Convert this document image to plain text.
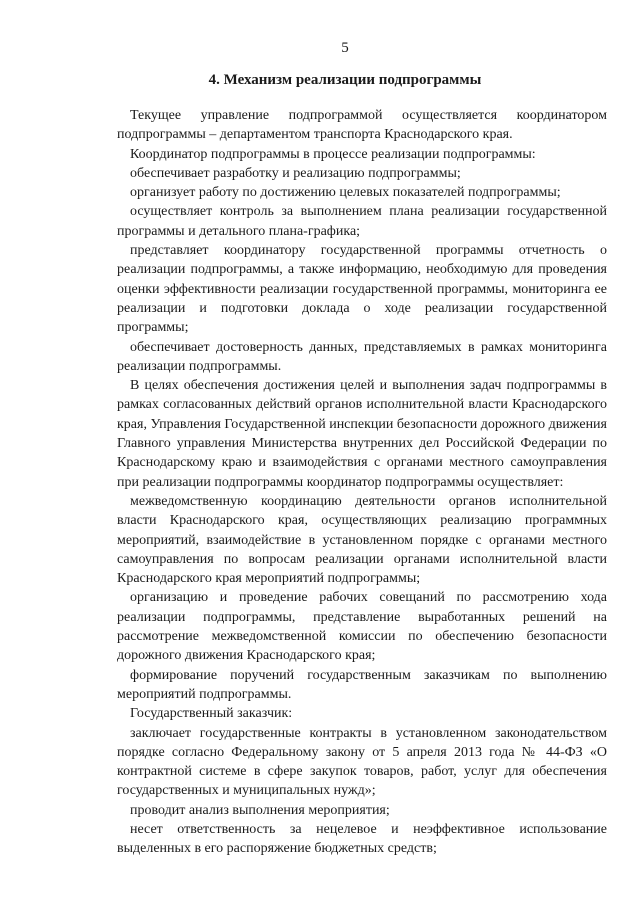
5
4. Механизм реализации подпрограммы

Текущее управление подпрограммой осуществляется координатором подпрограммы – департаментом транспорта Краснодарского края.

Координатор подпрограммы в процессе реализации подпрограммы:

обеспечивает разработку и реализацию подпрограммы;

организует работу по достижению целевых показателей подпрограммы;

осуществляет контроль за выполнением плана реализации государственной программы и детального плана-графика;

представляет координатору государственной программы отчетность о реализации подпрограммы, а также информацию, необходимую для проведения оценки эффективности реализации государственной программы, мониторинга ее реализации и подготовки доклада о ходе реализации государственной программы;

обеспечивает достоверность данных, представляемых в рамках мониторинга реализации подпрограммы.

В целях обеспечения достижения целей и выполнения задач подпрограммы в рамках согласованных действий органов исполнительной власти Краснодарского края, Управления Государственной инспекции безопасности дорожного движения Главного управления Министерства внутренних дел Российской Федерации по Краснодарскому краю и взаимодействия с органами местного самоуправления при реализации подпрограммы координатор подпрограммы осуществляет:

межведомственную координацию деятельности органов исполнительной власти Краснодарского края, осуществляющих реализацию программных мероприятий, взаимодействие в установленном порядке с органами местного самоуправления по вопросам реализации органами исполнительной власти Краснодарского края мероприятий подпрограммы;

организацию и проведение рабочих совещаний по рассмотрению хода реализации подпрограммы, представление выработанных решений на рассмотрение межведомственной комиссии по обеспечению безопасности дорожного движения Краснодарского края;

формирование поручений государственным заказчикам по выполнению мероприятий подпрограммы.

Государственный заказчик:

заключает государственные контракты в установленном законодательством порядке согласно Федеральному закону от 5 апреля 2013 года № 44-ФЗ «О контрактной системе в сфере закупок товаров, работ, услуг для обеспечения государственных и муниципальных нужд»;

проводит анализ выполнения мероприятия;

несет ответственность за нецелевое и неэффективное использование выделенных в его распоряжение бюджетных средств;
